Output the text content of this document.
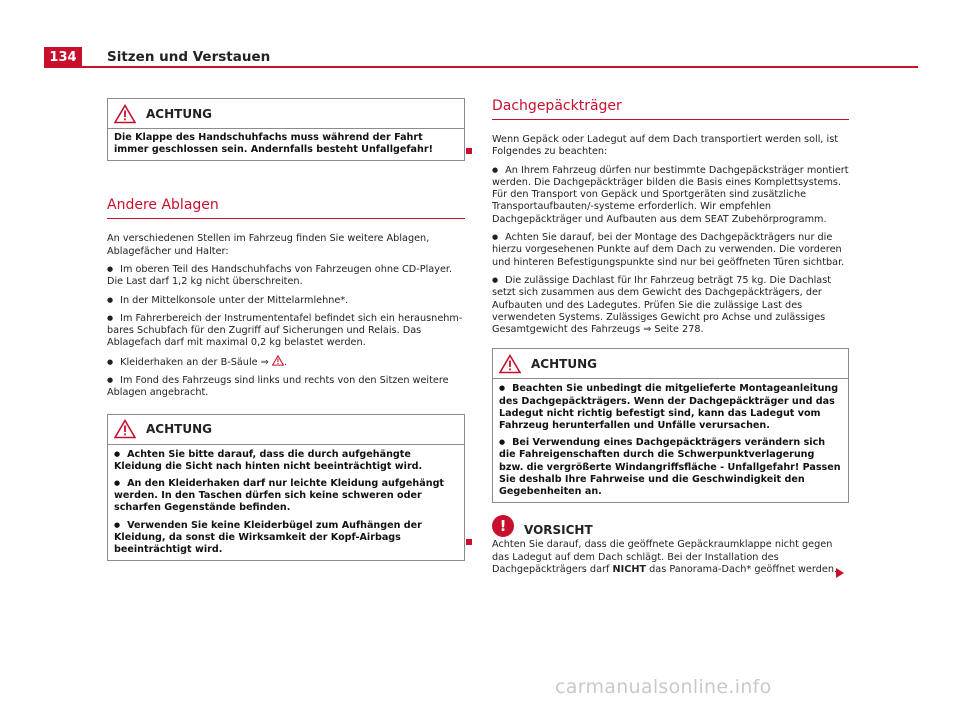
134	Sitzen und Verstauen
ACHTUNG

Die Klappe des Handschuhfachs muss während der Fahrt immer geschlossen sein. Andernfalls besteht Unfallgefahr!

Andere Ablagen

An verschiedenen Stellen im Fahrzeug finden Sie weitere Ablagen, Ablagefächer und Halter:

● Im oberen Teil des Handschuhfachs von Fahrzeugen ohne CD-Player. Die Last darf 1,2 kg nicht überschreiten.

● In der Mittelkonsole unter der Mittelarmlehne*.

● Im Fahrerbereich der Instrumententafel befindet sich ein herausnehmbares Schubfach für den Zugriff auf Sicherungen und Relais. Das Ablagefach darf mit maximal 0,2 kg belastet werden.

● Kleiderhaken an der B-Säule ⇒ .

● Im Fond des Fahrzeugs sind links und rechts von den Sitzen weitere Ablagen angebracht.

ACHTUNG

● Achten Sie bitte darauf, dass die durch aufgehängte Kleidung die Sicht nach hinten nicht beeinträchtigt wird.

● An den Kleiderhaken darf nur leichte Kleidung aufgehängt werden. In den Taschen dürfen sich keine schweren oder scharfen Gegenstände befinden.

● Verwenden Sie keine Kleiderbügel zum Aufhängen der Kleidung, da sonst die Wirksamkeit der Kopf-Airbags beeinträchtigt wird.

Dachgepäckträger

Wenn Gepäck oder Ladegut auf dem Dach transportiert werden soll, ist Folgendes zu beachten:

● An Ihrem Fahrzeug dürfen nur bestimmte Dachgepäcksträger montiert werden. Die Dachgepäckträger bilden die Basis eines Komplettsystems. Für den Transport von Gepäck und Sportgeräten sind zusätzliche Transportaufbauten/-systeme erforderlich. Wir empfehlen Dachgepäckträger und Aufbauten aus dem SEAT Zubehörprogramm.

● Achten Sie darauf, bei der Montage des Dachgepäckträgers nur die hierzu vorgesehenen Punkte auf dem Dach zu verwenden. Die vorderen und hinteren Befestigungspunkte sind nur bei geöffneten Türen sichtbar.

● Die zulässige Dachlast für Ihr Fahrzeug beträgt 75 kg. Die Dachlast setzt sich zusammen aus dem Gewicht des Dachgepäckträgers, der Aufbauten und des Ladegutes. Prüfen Sie die zulässige Last des verwendeten Systems. Zulässiges Gewicht pro Achse und zulässiges Gesamtgewicht des Fahrzeugs ⇒ Seite 278.

ACHTUNG

● Beachten Sie unbedingt die mitgelieferte Montageanleitung des Dachgepäckträgers. Wenn der Dachgepäckträger und das Ladegut nicht richtig befestigt sind, kann das Ladegut vom Fahrzeug herunterfallen und Unfälle verursachen.

● Bei Verwendung eines Dachgepäckträgers verändern sich die Fahreigenschaften durch die Schwerpunktverlagerung bzw. die vergrößerte Windangriffsfläche - Unfallgefahr! Passen Sie deshalb Ihre Fahrweise und die Geschwindigkeit den Gegebenheiten an.

!	VORSICHT
Achten Sie darauf, dass die geöffnete Gepäckraumklappe nicht gegen das Ladegut auf dem Dach schlägt. Bei der Installation des Dachgepäckträgers darf NICHT das Panorama-Dach* geöffnet werden.
carmanualsonline.info
